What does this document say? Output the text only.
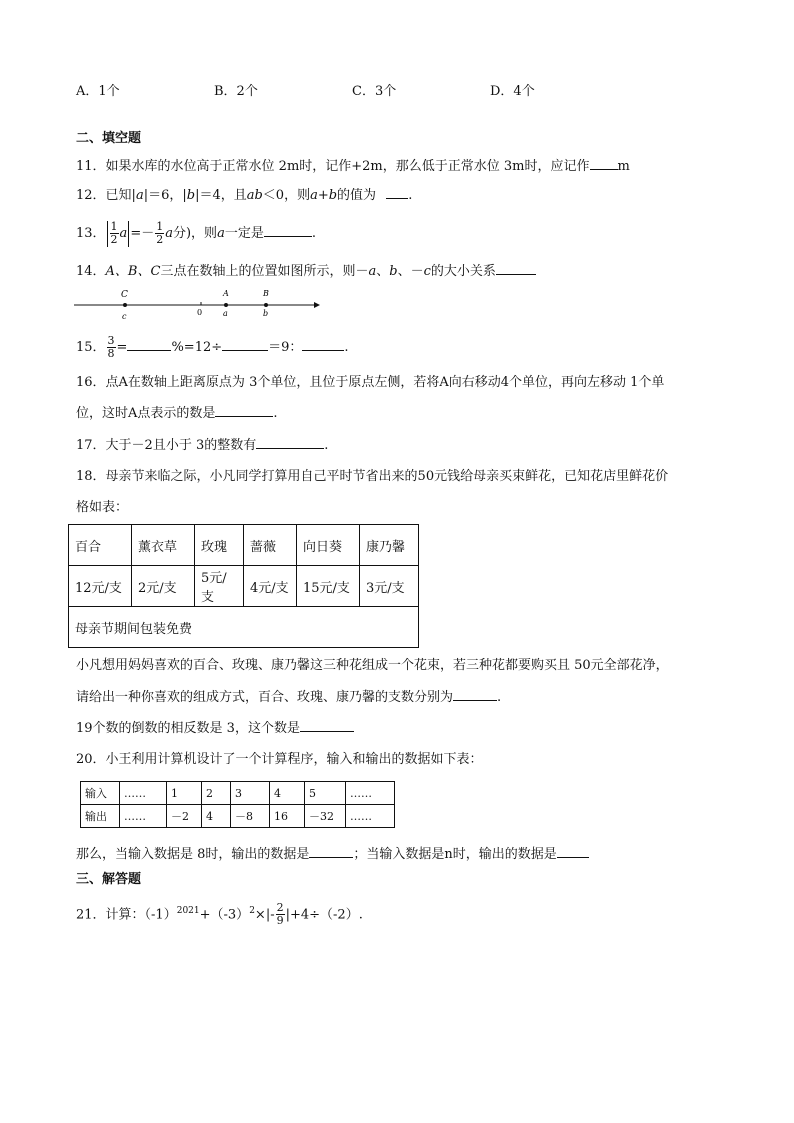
A．1个	B．2个	C．3个	D．4个
二、填空题
11．如果水库的水位高于正常水位 2m时，记作+2m，那么低于正常水位 3m时，应记作 m
12．已知|a|＝6，|b|＝4，且ab＜0，则a+b的值为 .
13． $\frac{1}{2}$ $a =- \frac{1}{2}$ a分)，则a一定是	.
14．A、B、C三点在数轴上的位置如图所示，则－a、b、－c的大小关系
C	A	B
c	0	a	b
15． $\frac{3}{8}$ =	%=12÷	＝9：	.
16．点A在数轴上距离原点为 3个单位，且位于原点左侧，若将A向右移动4个单位，再向左移动 1个单
位，这时A点表示的数是	.
17．大于－2且小于 3的整数有	.
18．母亲节来临之际，小凡同学打算用自己平时节省出来的50元钱给母亲买束鲜花，已知花店里鲜花价
格如表：
百合	薰衣草	玫瑰	蔷薇	向日葵	康乃馨
12元/支	2元/支	5元/支	4元/支	15元/支	3元/支
母亲节期间包装免费					
小凡想用妈妈喜欢的百合、玫瑰、康乃馨这三种花组成一个花束，若三种花都要购买且 50元全部花净，
请给出一种你喜欢的组成方式，百合、玫瑰、康乃馨的支数分别为	.
19个数的倒数的相反数是 3，这个数是
20．小王利用计算机设计了一个计算程序，输入和输出的数据如下表：
输入	……	1	2	3	4	5	……
输出	……	－2	4	－8	16	－32	……
那么，当输入数据是 8时，输出的数据是	；当输入数据是n时，输出的数据是
三、解答题
21．计算：$(-1)^{2021}+(-3)^2\times|- \frac{2}{9} |+4\div(-2)$.
